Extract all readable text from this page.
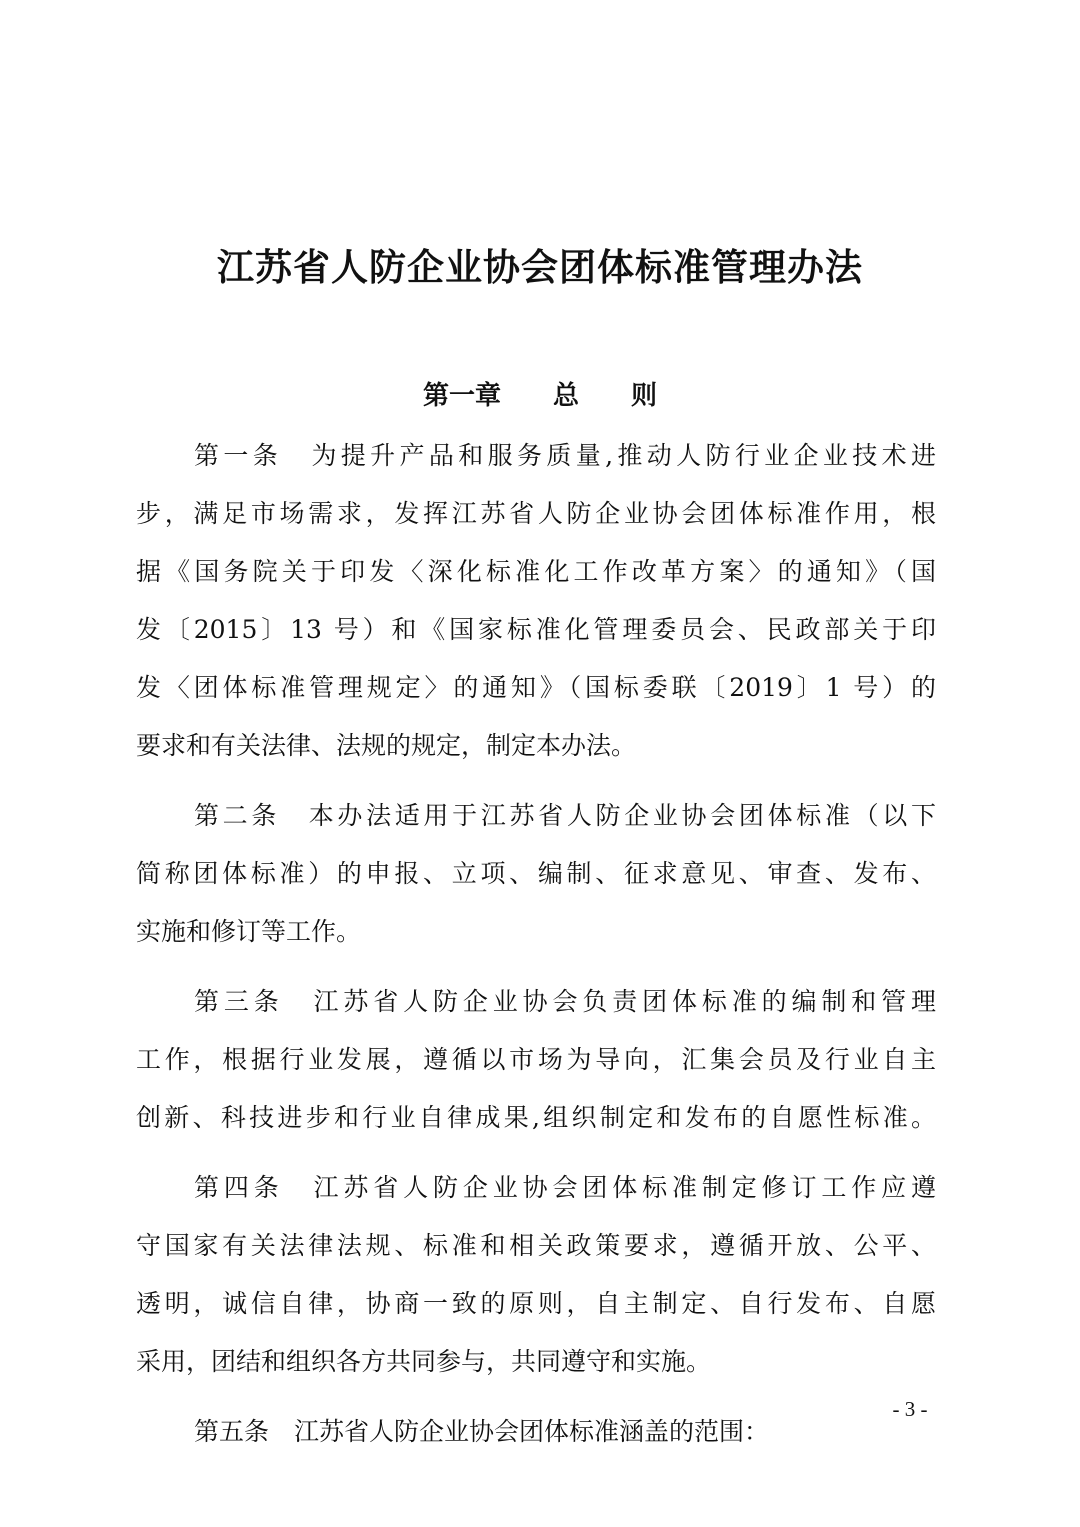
江苏省人防企业协会团体标准管理办法
第一章　　总　　则
第一条　为提升产品和服务质量,推动人防行业企业技术进
步，满足市场需求，发挥江苏省人防企业协会团体标准作用，根
据《国务院关于印发〈深化标准化工作改革方案〉的通知》（国
发〔2015〕13 号）和《国家标准化管理委员会、民政部关于印
发〈团体标准管理规定〉的通知》（国标委联〔2019〕1 号）的
要求和有关法律、法规的规定，制定本办法。
第二条　本办法适用于江苏省人防企业协会团体标准（以下
简称团体标准）的申报、立项、编制、征求意见、审查、发布、
实施和修订等工作。
第三条　江苏省人防企业协会负责团体标准的编制和管理
工作，根据行业发展，遵循以市场为导向，汇集会员及行业自主
创新、科技进步和行业自律成果,组织制定和发布的自愿性标准。
第四条　江苏省人防企业协会团体标准制定修订工作应遵
守国家有关法律法规、标准和相关政策要求，遵循开放、公平、
透明，诚信自律，协商一致的原则，自主制定、自行发布、自愿
采用，团结和组织各方共同参与，共同遵守和实施。
第五条　江苏省人防企业协会团体标准涵盖的范围：
- 3 -
